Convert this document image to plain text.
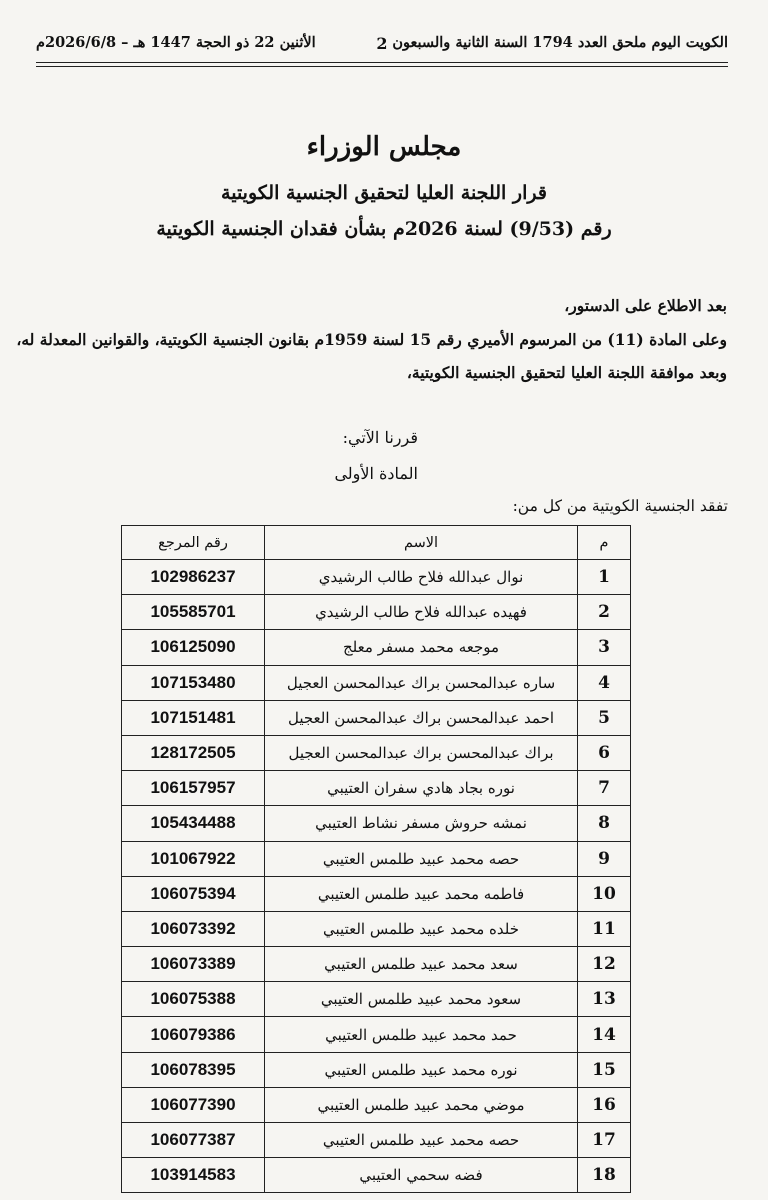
الكويت اليوم ملحق العدد 1794 السنة الثانية والسبعون
2
الأثنين 22 ذو الحجة 1447 هـ – 2026/6/8م
مجلس الوزراء
قرار اللجنة العليا لتحقيق الجنسية الكويتية
رقم (9/53) لسنة 2026م بشأن فقدان الجنسية الكويتية
بعد الاطلاع على الدستور،
وعلى المادة (11) من المرسوم الأميري رقم 15 لسنة 1959م بقانون الجنسية الكويتية، والقوانين المعدلة له،
وبعد موافقة اللجنة العليا لتحقيق الجنسية الكويتية،
قررنا الآتي:
المادة الأولى
تفقد الجنسية الكويتية من كل من:
م	الاسم	رقم المرجع
1	نوال عبدالله فلاح طالب الرشيدي	102986237
2	فهيده عبدالله فلاح طالب الرشيدي	105585701
3	موجعه محمد مسفر معلج	106125090
4	ساره عبدالمحسن براك عبدالمحسن العجيل	107153480
5	احمد عبدالمحسن براك عبدالمحسن العجيل	107151481
6	براك عبدالمحسن براك عبدالمحسن العجيل	128172505
7	نوره بجاد هادي سفران العتيبي	106157957
8	نمشه حروش مسفر نشاط العتيبي	105434488
9	حصه محمد عبيد طلمس العتيبي	101067922
10	فاطمه محمد عبيد طلمس العتيبي	106075394
11	خلده محمد عبيد طلمس العتيبي	106073392
12	سعد محمد عبيد طلمس العتيبي	106073389
13	سعود محمد عبيد طلمس العتيبي	106075388
14	حمد محمد عبيد طلمس العتيبي	106079386
15	نوره محمد عبيد طلمس العتيبي	106078395
16	موضي محمد عبيد طلمس العتيبي	106077390
17	حصه محمد عبيد طلمس العتيبي	106077387
18	فضه سحمي العتيبي	103914583
